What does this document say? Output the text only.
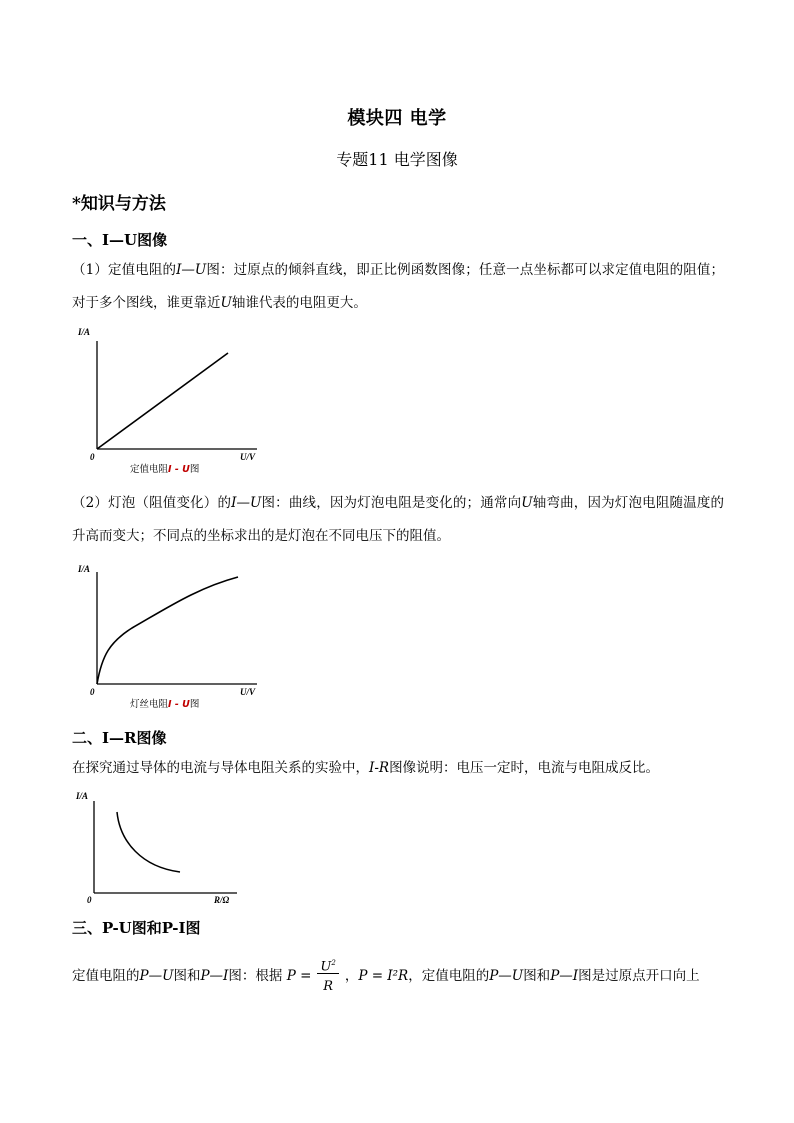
模块四 电学
专题11 电学图像
*知识与方法
一、I—U图像
（1）定值电阻的I—U图：过原点的倾斜直线，即正比例函数图像；任意一点坐标都可以求定值电阻的阻值；对于多个图线，谁更靠近U轴谁代表的电阻更大。
I/A
U/V
0
定值电阻I - U图
（2）灯泡（阻值变化）的I—U图：曲线，因为灯泡电阻是变化的；通常向U轴弯曲，因为灯泡电阻随温度的升高而变大；不同点的坐标求出的是灯泡在不同电压下的阻值。
I/A
U/V
0
灯丝电阻I - U图
二、I—R图像
在探究通过导体的电流与导体电阻关系的实验中，I-R图像说明：电压一定时，电流与电阻成反比。
I/A
R/Ω
0
三、P-U图和P-I图
定值电阻的P—U图和P—I图：根据 $P = \frac{U^2}{R}$ ，P = I²R，定值电阻的P—U图和P—I图是过原点开口向上
